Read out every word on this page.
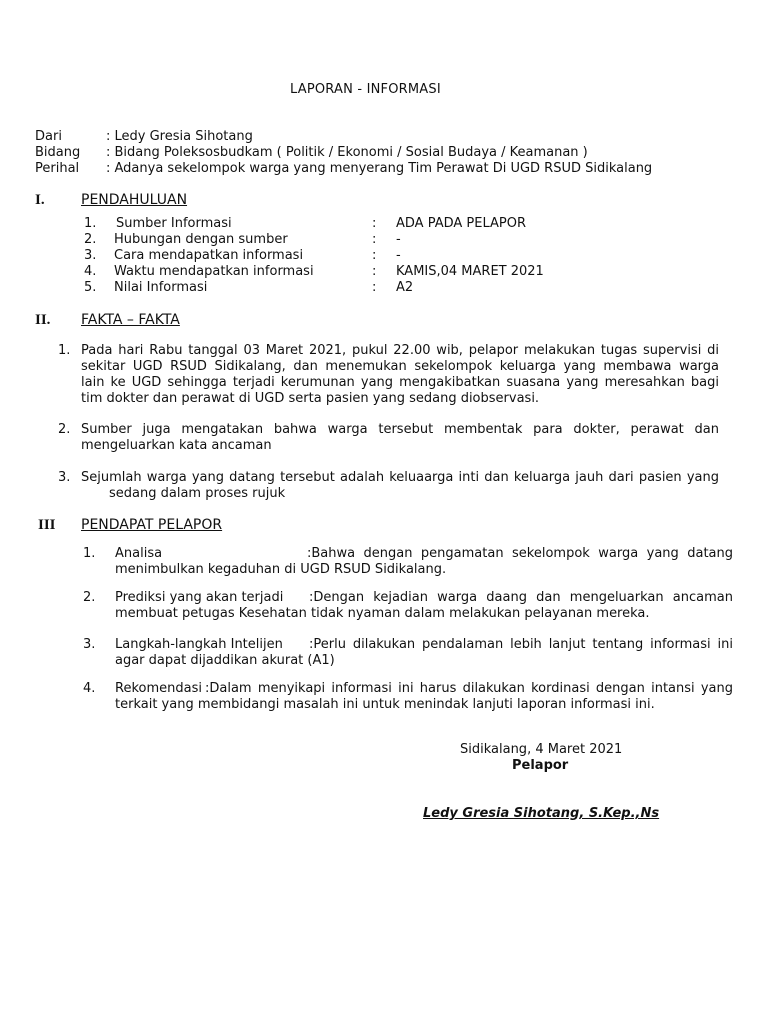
LAPORAN - INFORMASI
Dari	: Ledy Gresia Sihotang
Bidang : Bidang Poleksosbudkam ( Politik / Ekonomi / Sosial Budaya / Keamanan )
Perihal : Adanya sekelompok warga yang menyerang Tim Perawat Di UGD RSUD Sidikalang
I.	PENDAHULUAN
1. Sumber Informasi	: ADA PADA PELAPOR
2. Hubungan dengan sumber	: -
3. Cara mendapatkan informasi	: -
4. Waktu mendapatkan informasi	: KAMIS,04 MARET 2021
5. Nilai Informasi	: A2
II. FAKTA – FAKTA
1. Pada hari Rabu tanggal 03 Maret 2021, pukul 22.00 wib, pelapor melakukan tugas supervisi di
sekitar UGD RSUD Sidikalang, dan menemukan sekelompok keluarga yang membawa warga
lain ke UGD sehingga terjadi kerumunan yang mengakibatkan suasana yang meresahkan bagi
tim dokter dan perawat di UGD serta pasien yang sedang diobservasi.
2. Sumber juga mengatakan bahwa warga tersebut membentak para dokter, perawat dan
mengeluarkan kata ancaman
3. Sejumlah warga yang datang tersebut adalah keluaarga inti dan keluarga jauh dari pasien yang
sedang dalam proses rujuk
III PENDAPAT PELAPOR
1. Analisa	:Bahwa dengan pengamatan sekelompok warga yang datang
menimbulkan kegaduhan di UGD RSUD Sidikalang.
2. Prediksi yang akan terjadi :Dengan kejadian warga daang dan mengeluarkan ancaman
membuat petugas Kesehatan tidak nyaman dalam melakukan pelayanan mereka.
3. Langkah-langkah Intelijen :Perlu dilakukan pendalaman lebih lanjut tentang informasi ini
agar dapat dijaddikan akurat (A1)
4. Rekomendasi :Dalam menyikapi informasi ini harus dilakukan kordinasi dengan intansi yang
terkait yang membidangi masalah ini untuk menindak lanjuti laporan informasi ini.
Sidikalang, 4 Maret 2021
Pelapor
Ledy Gresia Sihotang, S.Kep.,Ns
